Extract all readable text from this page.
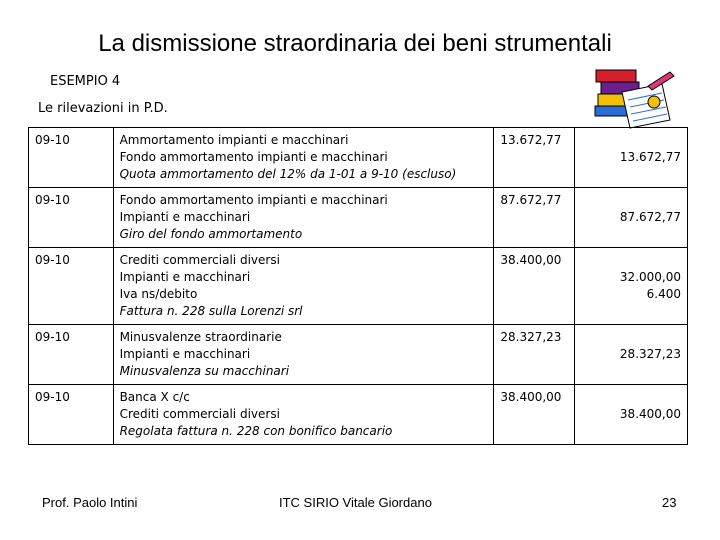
La dismissione straordinaria dei beni strumentali
ESEMPIO 4
Le rilevazioni in P.D.
09-10	Ammortamento impianti e macchinari
Fondo ammortamento impianti e macchinari
Quota ammortamento del 12% da 1-01 a 9-10 (escluso)	13.672,77	13.672,77

09-10	Fondo ammortamento impianti e macchinari
Impianti e macchinari
Giro del fondo ammortamento	87.672,77	87.672,77

09-10	Crediti commerciali diversi
Impianti e macchinari
Iva ns/debito
Fattura n. 228 sulla Lorenzi srl	38.400,00	32.000,00
6.400

09-10	Minusvalenze straordinarie
Impianti e macchinari
Minusvalenza su macchinari	28.327,23	28.327,23

09-10	Banca X c/c
Crediti commerciali diversi
Regolata fattura n. 228 con bonifico bancario	38.400,00	38.400,00
Prof. Paolo Intini	ITC SIRIO Vitale Giordano	23
